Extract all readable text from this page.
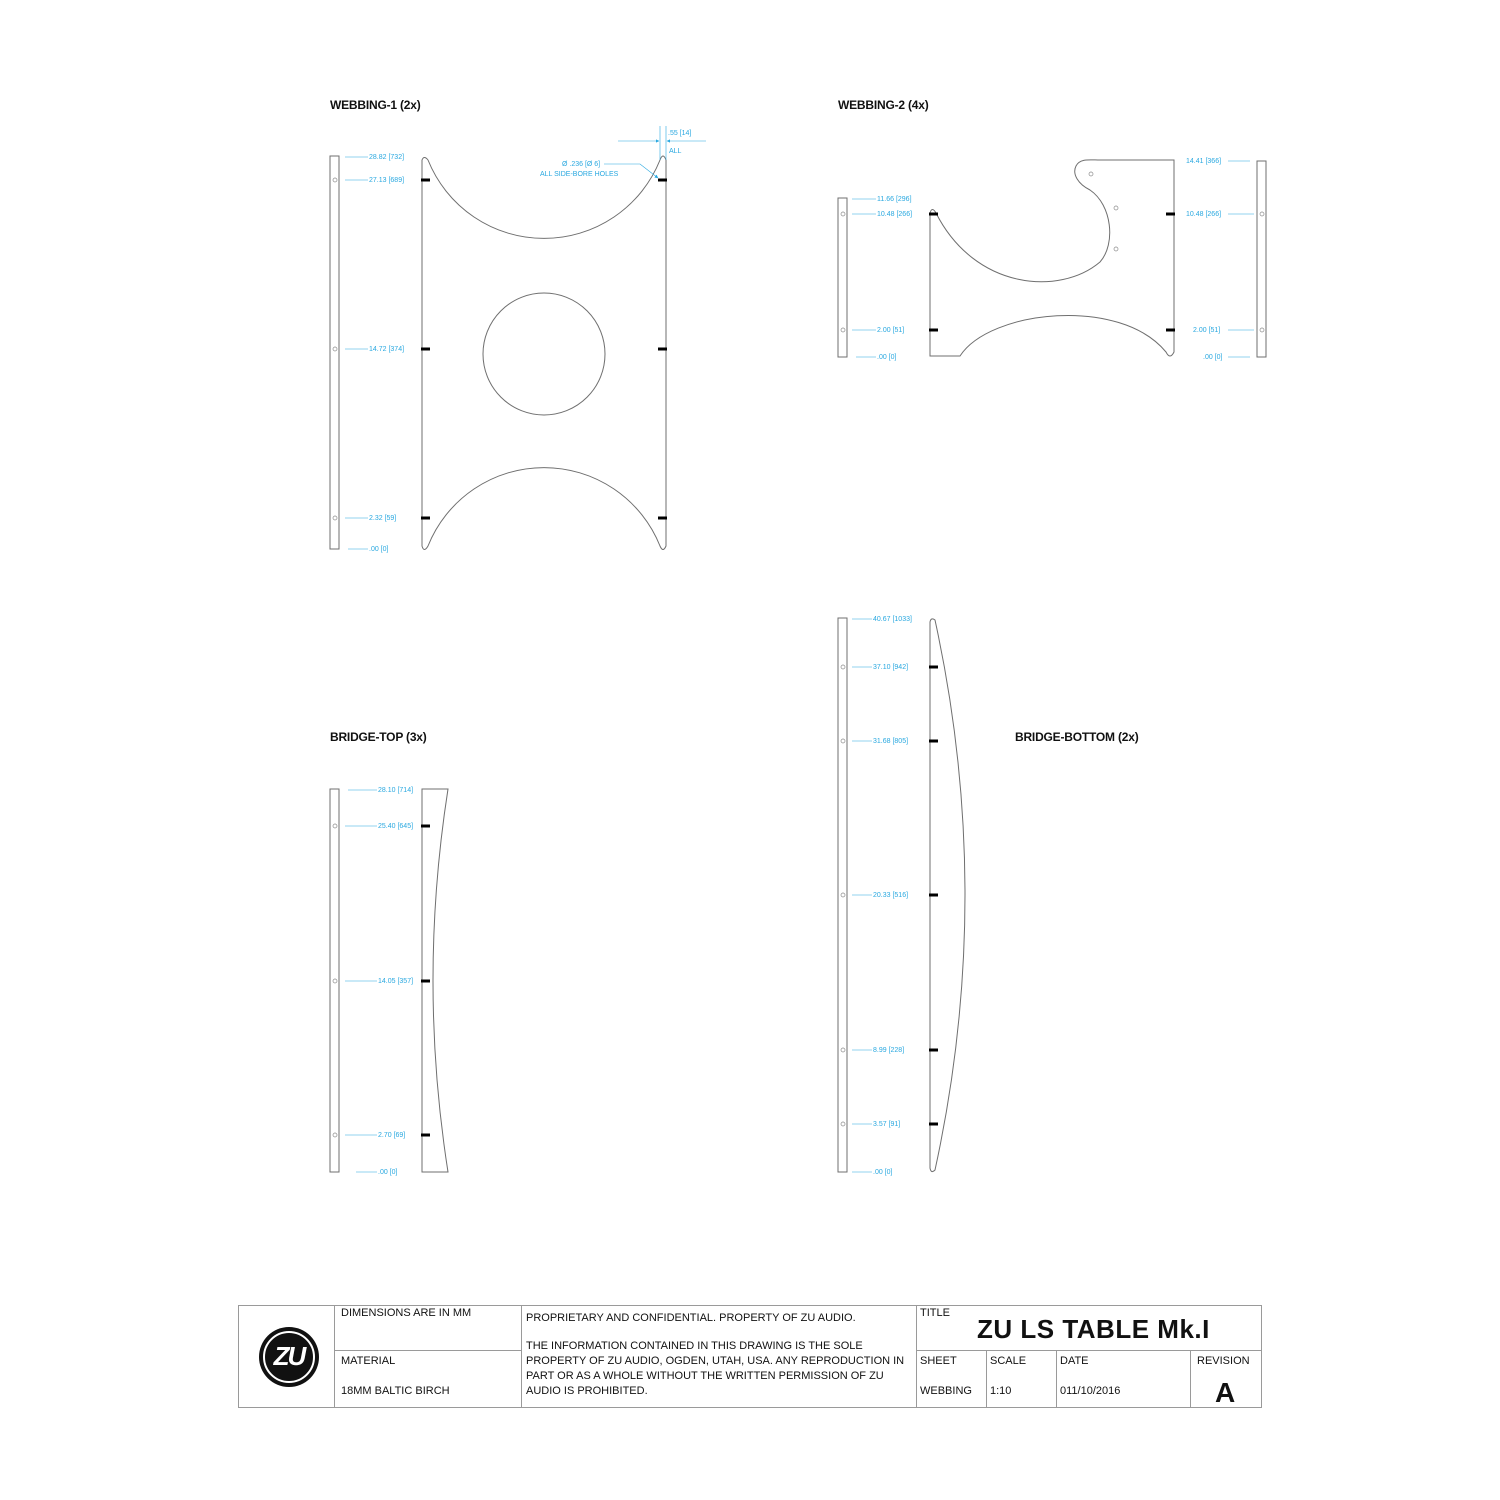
WEBBING-1 (2x)
28.82 [732]
27.13 [689]
14.72 [374]
2.32 [59]
.00 [0]
Ø .236 [Ø 6]
ALL SIDE-BORE HOLES
.55 [14]
ALL
WEBBING-2 (4x)
11.66 [296]
10.48 [266]
2.00 [51]
.00 [0]
14.41 [366]
10.48 [266]
2.00 [51]
.00 [0]
BRIDGE-TOP (3x)
28.10 [714]
25.40 [645]
14.05 [357]
2.70 [69]
.00 [0]
BRIDGE-BOTTOM (2x)
40.67 [1033]
37.10 [942]
31.68 [805]
20.33 [516]
8.99 [228]
3.57 [91]
.00 [0]
ZU
DIMENSIONS ARE IN MM
MATERIAL
18MM BALTIC BIRCH
PROPRIETARY AND CONFIDENTIAL. PROPERTY OF ZU AUDIO.
THE INFORMATION CONTAINED IN THIS DRAWING IS THE SOLE PROPERTY OF ZU AUDIO, OGDEN, UTAH, USA. ANY REPRODUCTION IN PART OR AS A WHOLE WITHOUT THE WRITTEN PERMISSION OF ZU AUDIO IS PROHIBITED.
TITLE
ZU LS TABLE Mk.I
SHEET
WEBBING
SCALE
1:10
DATE
011/10/2016
REVISION
A
